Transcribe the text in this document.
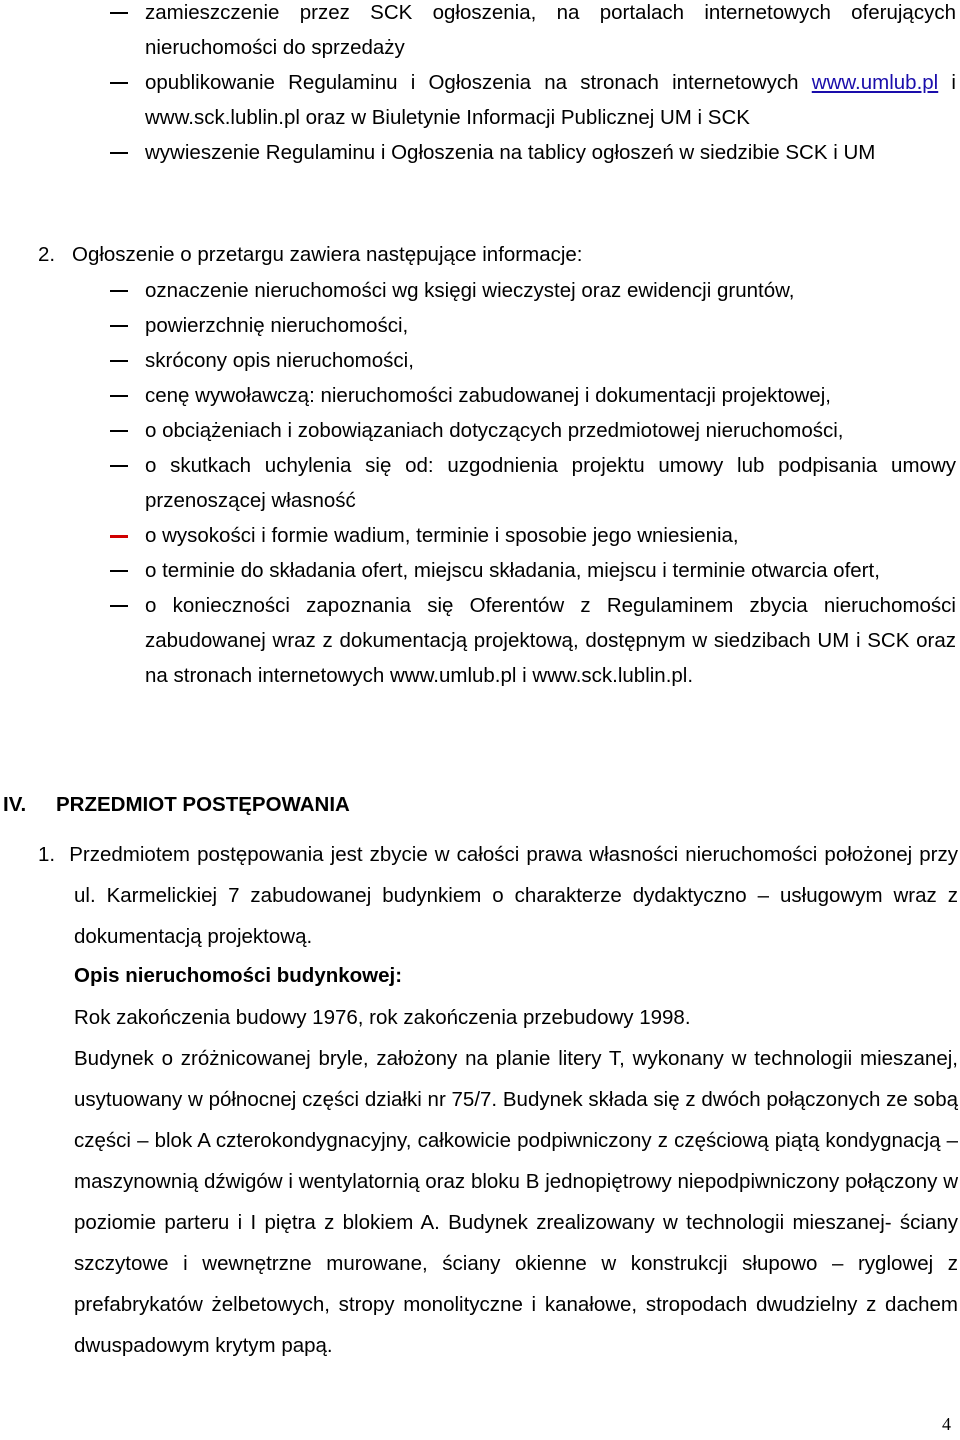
zamieszczenie przez SCK ogłoszenia, na portalach internetowych oferujących nieruchomości do sprzedaży
opublikowanie Regulaminu i Ogłoszenia na stronach internetowych www.umlub.pl i www.sck.lublin.pl oraz w Biuletynie Informacji Publicznej UM i SCK
wywieszenie Regulaminu i Ogłoszenia na tablicy ogłoszeń w siedzibie SCK i UM
2. Ogłoszenie o przetargu zawiera następujące informacje:
oznaczenie nieruchomości wg księgi wieczystej oraz ewidencji gruntów,
powierzchnię nieruchomości,
skrócony opis nieruchomości,
cenę wywoławczą: nieruchomości zabudowanej i dokumentacji projektowej,
o obciążeniach i zobowiązaniach dotyczących przedmiotowej nieruchomości,
o skutkach uchylenia się od: uzgodnienia projektu umowy lub podpisania umowy przenoszącej własność
o wysokości i formie wadium, terminie i sposobie jego wniesienia,
o terminie do składania ofert, miejscu składania, miejscu i terminie otwarcia ofert,
o konieczności zapoznania się Oferentów z Regulaminem zbycia nieruchomości zabudowanej wraz z dokumentacją projektową, dostępnym w siedzibach UM i SCK oraz na stronach internetowych www.umlub.pl i www.sck.lublin.pl.
IV. PRZEDMIOT POSTĘPOWANIA
1. Przedmiotem postępowania jest zbycie w całości prawa własności nieruchomości położonej przy ul. Karmelickiej 7 zabudowanej budynkiem o charakterze dydaktyczno – usługowym wraz z dokumentacją projektową.
Opis nieruchomości budynkowej:
Rok zakończenia budowy 1976, rok zakończenia przebudowy 1998.
Budynek o zróżnicowanej bryle, założony na planie litery T, wykonany w technologii mieszanej, usytuowany w północnej części działki nr 75/7. Budynek składa się z dwóch połączonych ze sobą części – blok A czterokondygnacyjny, całkowicie podpiwniczony z częściową piątą kondygnacją – maszynownią dźwigów i wentylatornią oraz bloku B jednopiętrowy niepodpiwniczony połączony w poziomie parteru i I piętra z blokiem A. Budynek zrealizowany w technologii mieszanej- ściany szczytowe i wewnętrzne murowane, ściany okienne w konstrukcji słupowo – ryglowej z prefabrykatów żelbetowych, stropy monolityczne i kanałowe, stropodach dwudzielny z dachem dwuspadowym krytym papą.
4
